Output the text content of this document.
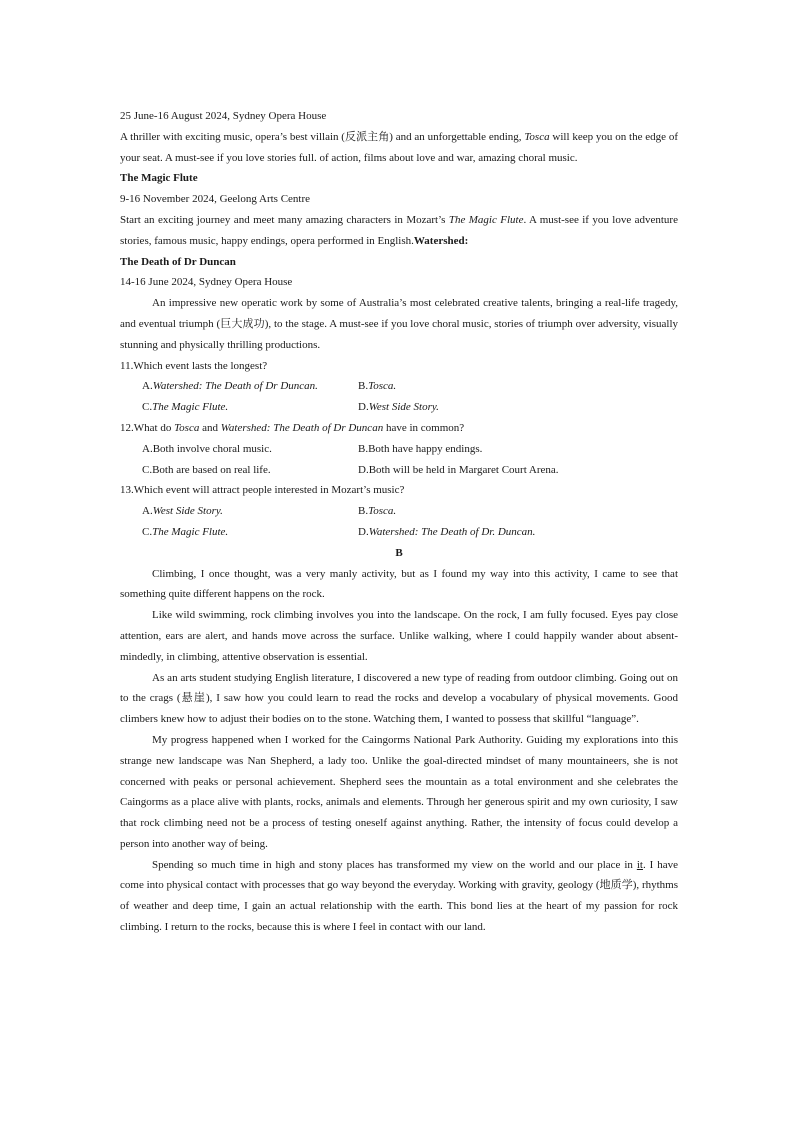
25 June-16 August 2024, Sydney Opera House

A thriller with exciting music, opera’s best villain (反派主角) and an unforgettable ending, Tosca will keep you on the edge of your seat. A must-see if you love stories full. of action, films about love and war, amazing choral music.

The Magic Flute

9-16 November 2024, Geelong Arts Centre

Start an exciting journey and meet many amazing characters in Mozart’s The Magic Flute. A must-see if you love adventure stories, famous music, happy endings, opera performed in English.Watershed:

The Death of Dr Duncan

14-16 June 2024, Sydney Opera House

An impressive new operatic work by some of Australia’s most celebrated creative talents, bringing a real-life tragedy, and eventual triumph (巨大成功), to the stage. A must-see if you love choral music, stories of triumph over adversity, visually stunning and physically thrilling productions.

11.Which event lasts the longest?

A.Watershed: The Death of Dr Duncan.	B.Tosca.
C.The Magic Flute.	D.West Side Story.

12.What do Tosca and Watershed: The Death of Dr Duncan have in common?

A.Both involve choral music.	B.Both have happy endings.
C.Both are based on real life.	D.Both will be held in Margaret Court Arena.

13.Which event will attract people interested in Mozart’s music?

A.West Side Story.	B.Tosca.
C.The Magic Flute.	D.Watershed: The Death of Dr. Duncan.

B

Climbing, I once thought, was a very manly activity, but as I found my way into this activity, I came to see that something quite different happens on the rock.

Like wild swimming, rock climbing involves you into the landscape. On the rock, I am fully focused. Eyes pay close attention, ears are alert, and hands move across the surface. Unlike walking, where I could happily wander about absent-mindedly, in climbing, attentive observation is essential.

As an arts student studying English literature, I discovered a new type of reading from outdoor climbing. Going out on to the crags (悬崖), I saw how you could learn to read the rocks and develop a vocabulary of physical movements. Good climbers knew how to adjust their bodies on to the stone. Watching them, I wanted to possess that skillful “language”.

My progress happened when I worked for the Caingorms National Park Authority. Guiding my explorations into this strange new landscape was Nan Shepherd, a lady too. Unlike the goal-directed mindset of many mountaineers, she is not concerned with peaks or personal achievement. Shepherd sees the mountain as a total environment and she celebrates the Caingorms as a place alive with plants, rocks, animals and elements. Through her generous spirit and my own curiosity, I saw that rock climbing need not be a process of testing oneself against anything. Rather, the intensity of focus could develop a person into another way of being.

Spending so much time in high and stony places has transformed my view on the world and our place in it. I have come into physical contact with processes that go way beyond the everyday. Working with gravity, geology (地质学), rhythms of weather and deep time, I gain an actual relationship with the earth. This bond lies at the heart of my passion for rock climbing. I return to the rocks, because this is where I feel in contact with our land.
